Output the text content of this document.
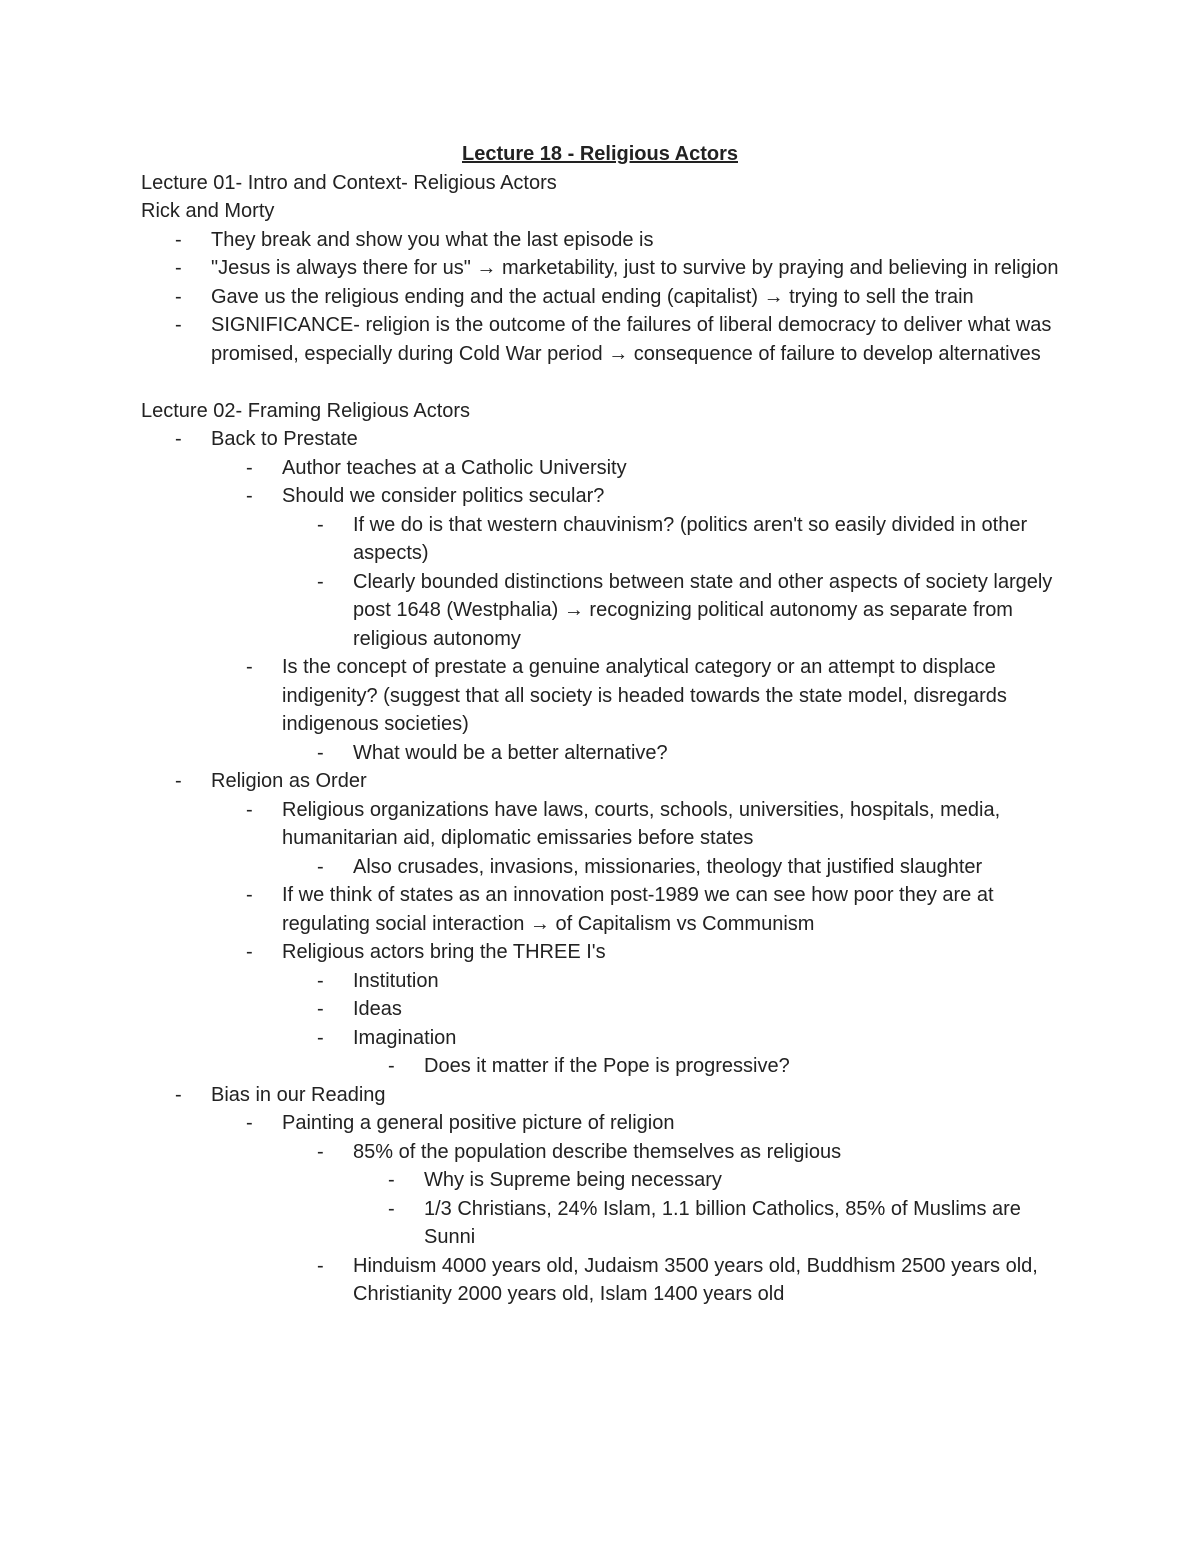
Lecture 18 - Religious Actors

Lecture 01- Intro and Context- Religious Actors

Rick and Morty

- They break and show you what the last episode is
- "Jesus is always there for us" → marketability, just to survive by praying and believing in religion
- Gave us the religious ending and the actual ending (capitalist) → trying to sell the train
- SIGNIFICANCE- religion is the outcome of the failures of liberal democracy to deliver what was promised, especially during Cold War period → consequence of failure to develop alternatives

Lecture 02- Framing Religious Actors

- Back to Prestate
- Author teaches at a Catholic University
- Should we consider politics secular?
- If we do is that western chauvinism? (politics aren't so easily divided in other aspects)
- Clearly bounded distinctions between state and other aspects of society largely post 1648 (Westphalia) → recognizing political autonomy as separate from religious autonomy
- Is the concept of prestate a genuine analytical category or an attempt to displace indigenity? (suggest that all society is headed towards the state model, disregards indigenous societies)
- What would be a better alternative?
- Religion as Order
- Religious organizations have laws, courts, schools, universities, hospitals, media, humanitarian aid, diplomatic emissaries before states
- Also crusades, invasions, missionaries, theology that justified slaughter
- If we think of states as an innovation post-1989 we can see how poor they are at regulating social interaction → of Capitalism vs Communism
- Religious actors bring the THREE I's
- Institution
- Ideas
- Imagination
- Does it matter if the Pope is progressive?
- Bias in our Reading
- Painting a general positive picture of religion
- 85% of the population describe themselves as religious
- Why is Supreme being necessary
- 1/3 Christians, 24% Islam, 1.1 billion Catholics, 85% of Muslims are Sunni
- Hinduism 4000 years old, Judaism 3500 years old, Buddhism 2500 years old, Christianity 2000 years old, Islam 1400 years old
